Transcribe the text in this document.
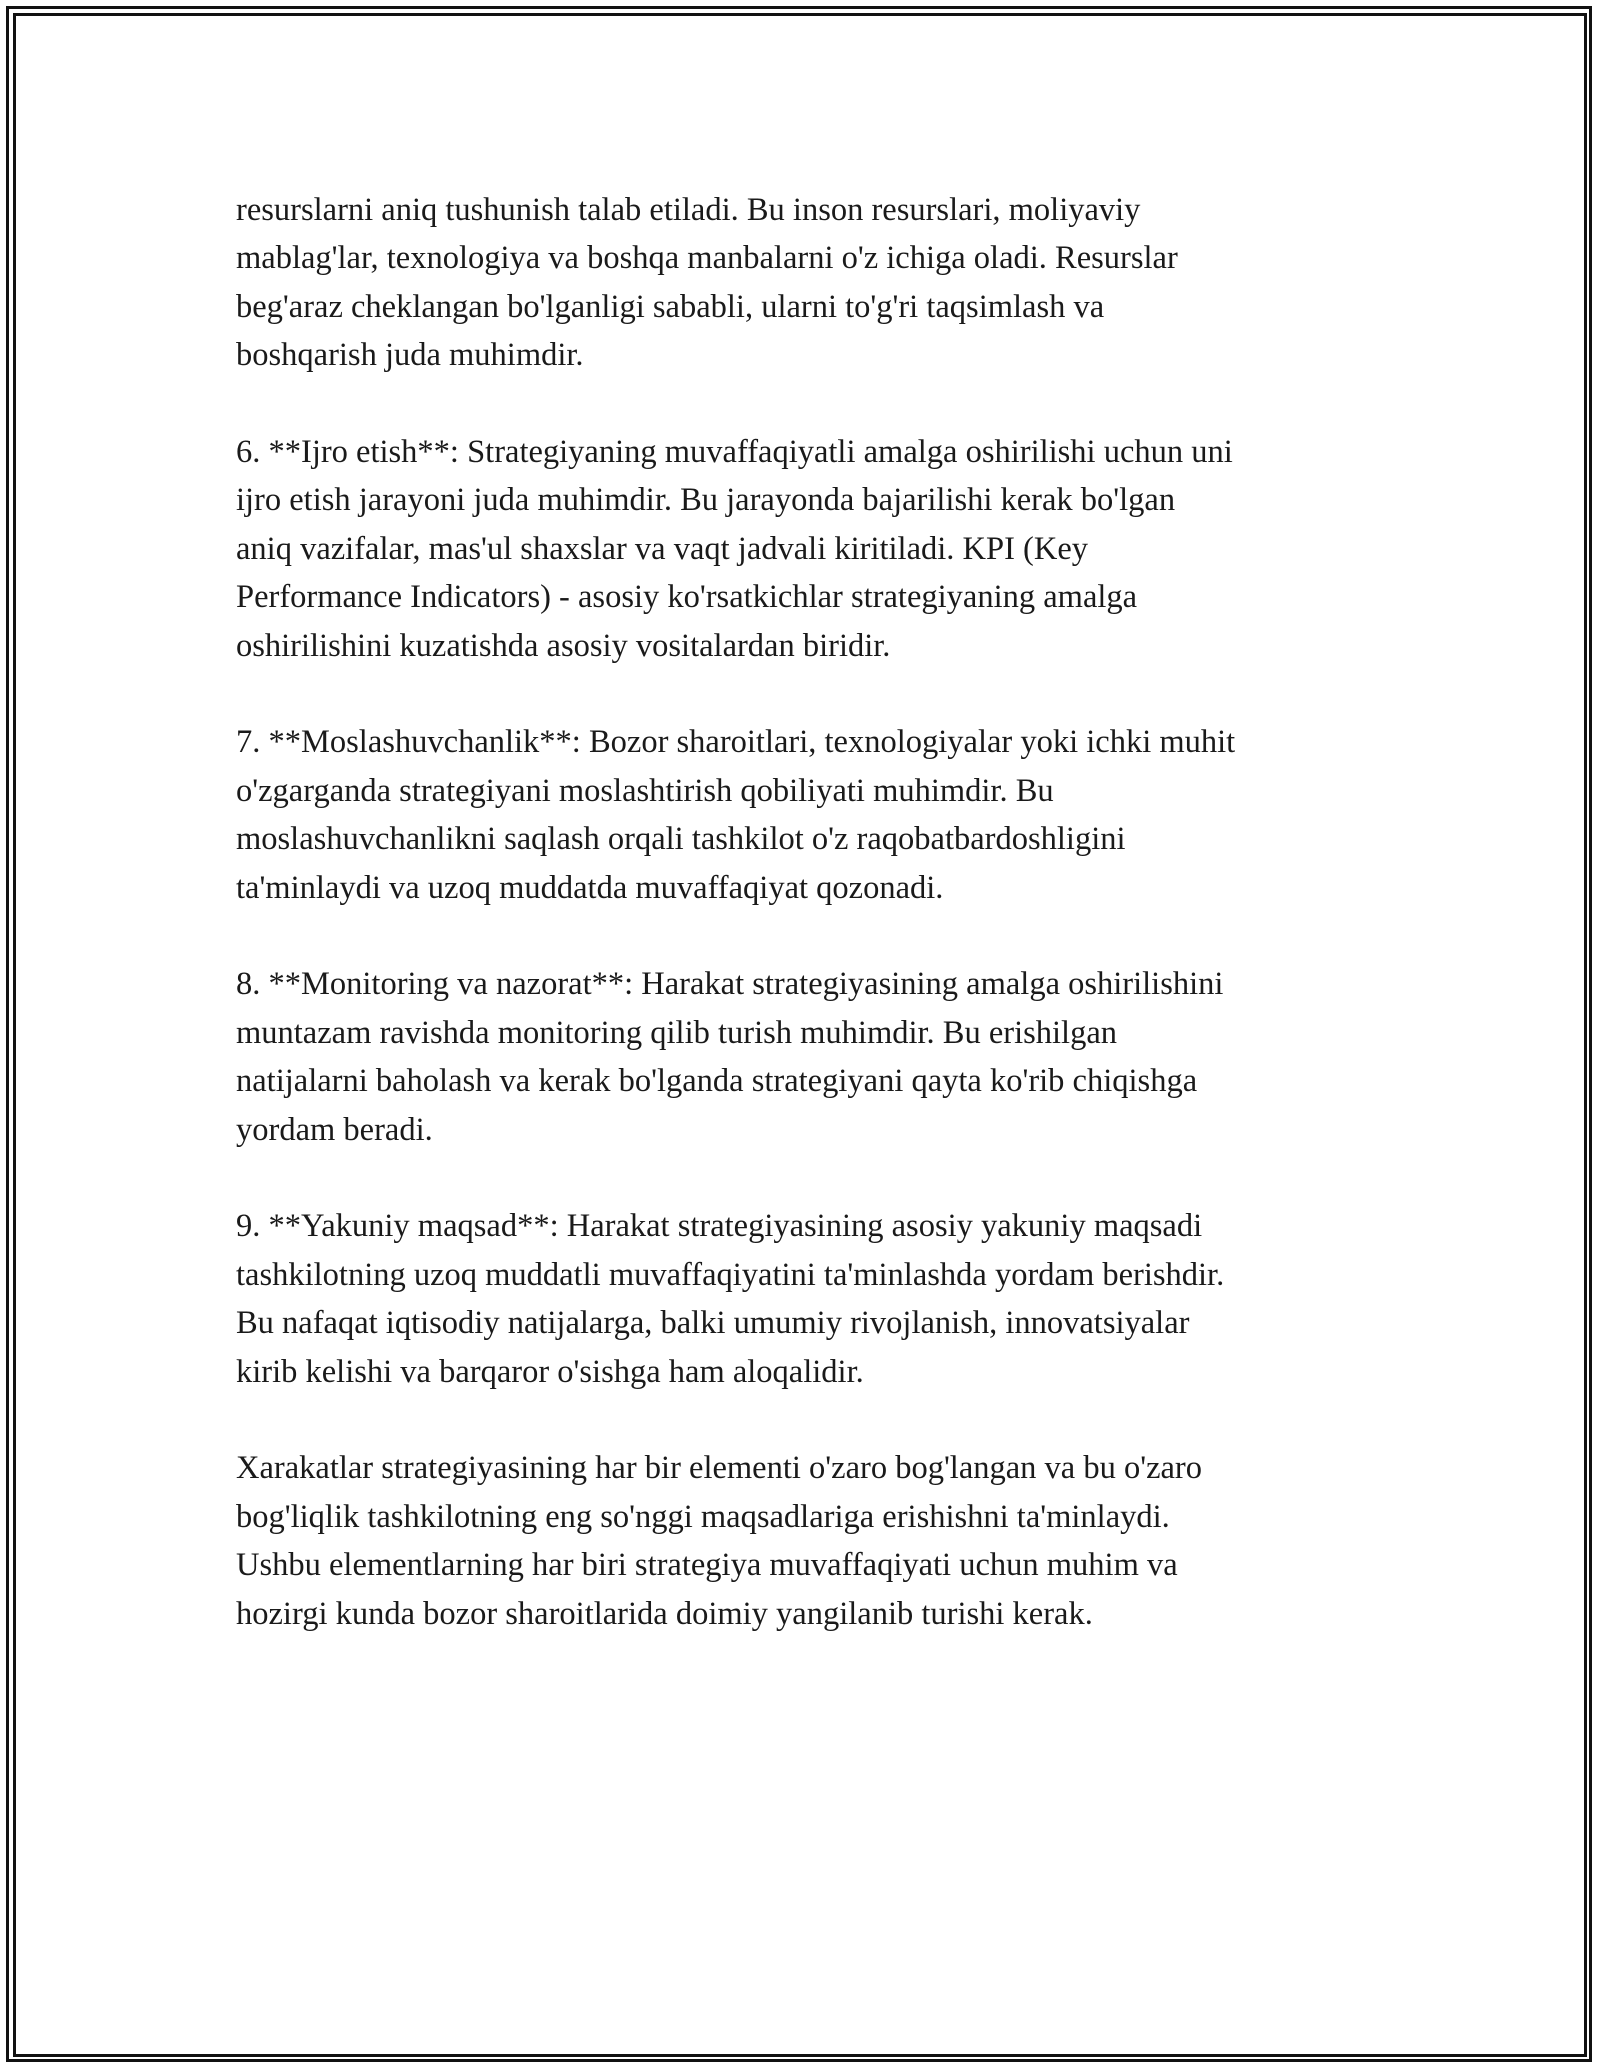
resurslarni aniq tushunish talab etiladi. Bu inson resurslari, moliyaviy
mablag'lar, texnologiya va boshqa manbalarni o'z ichiga oladi. Resurslar
beg'araz cheklangan bo'lganligi sababli, ularni to'g'ri taqsimlash va
boshqarish juda muhimdir.

6. **Ijro etish**: Strategiyaning muvaffaqiyatli amalga oshirilishi uchun uni
ijro etish jarayoni juda muhimdir. Bu jarayonda bajarilishi kerak bo'lgan
aniq vazifalar, mas'ul shaxslar va vaqt jadvali kiritiladi. KPI (Key
Performance Indicators) - asosiy ko'rsatkichlar strategiyaning amalga
oshirilishini kuzatishda asosiy vositalardan biridir.

7. **Moslashuvchanlik**: Bozor sharoitlari, texnologiyalar yoki ichki muhit
o'zgarganda strategiyani moslashtirish qobiliyati muhimdir. Bu
moslashuvchanlikni saqlash orqali tashkilot o'z raqobatbardoshligini
ta'minlaydi va uzoq muddatda muvaffaqiyat qozonadi.

8. **Monitoring va nazorat**: Harakat strategiyasining amalga oshirilishini
muntazam ravishda monitoring qilib turish muhimdir. Bu erishilgan
natijalarni baholash va kerak bo'lganda strategiyani qayta ko'rib chiqishga
yordam beradi.

9. **Yakuniy maqsad**: Harakat strategiyasining asosiy yakuniy maqsadi
tashkilotning uzoq muddatli muvaffaqiyatini ta'minlashda yordam berishdir.
Bu nafaqat iqtisodiy natijalarga, balki umumiy rivojlanish, innovatsiyalar
kirib kelishi va barqaror o'sishga ham aloqalidir.

Xarakatlar strategiyasining har bir elementi o'zaro bog'langan va bu o'zaro
bog'liqlik tashkilotning eng so'nggi maqsadlariga erishishni ta'minlaydi.
Ushbu elementlarning har biri strategiya muvaffaqiyati uchun muhim va
hozirgi kunda bozor sharoitlarida doimiy yangilanib turishi kerak.
